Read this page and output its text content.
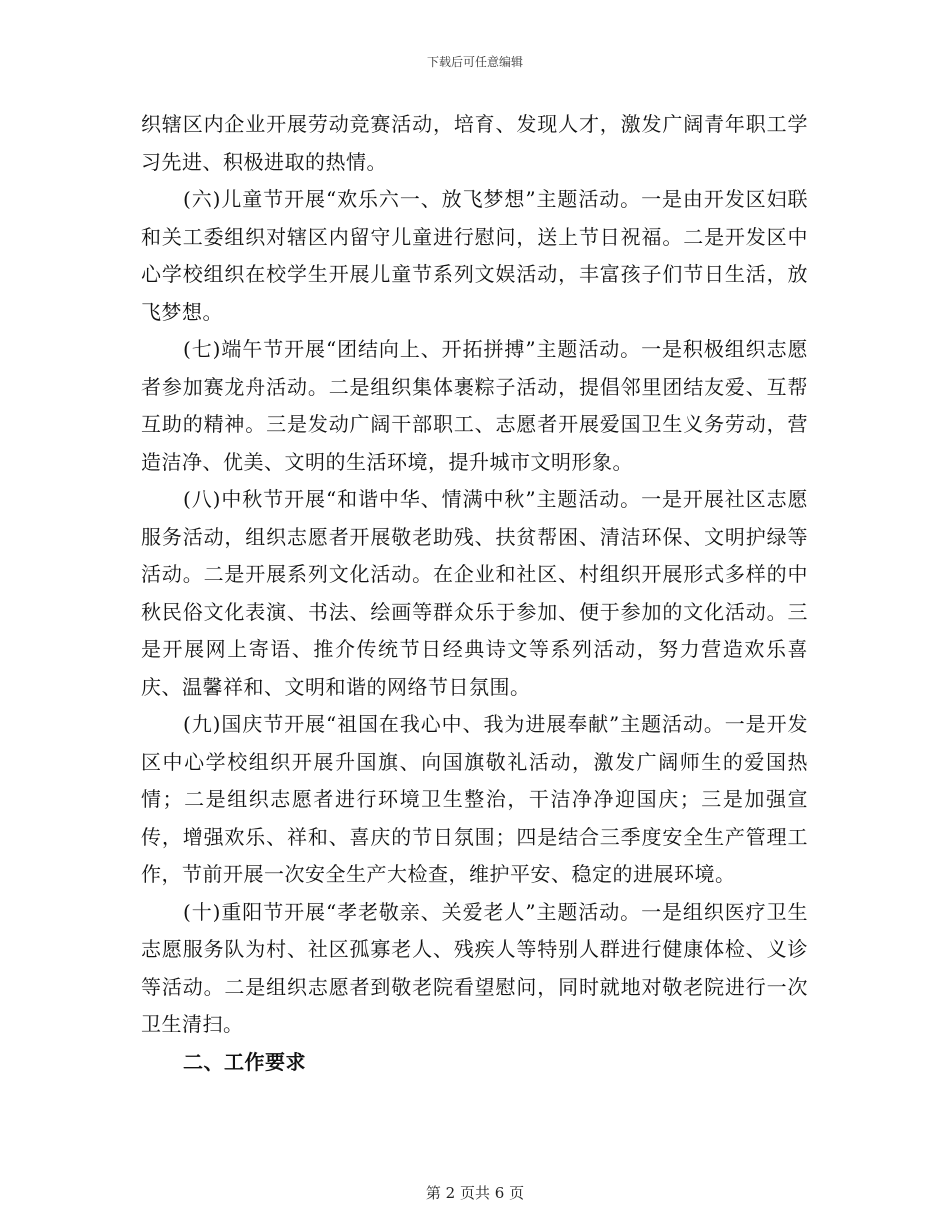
下载后可任意编辑

织辖区内企业开展劳动竞赛活动，培育、发现人才，激发广阔青年职工学习先进、积极进取的热情。

(六)儿童节开展“欢乐六一、放飞梦想”主题活动。一是由开发区妇联和关工委组织对辖区内留守儿童进行慰问，送上节日祝福。二是开发区中心学校组织在校学生开展儿童节系列文娱活动，丰富孩子们节日生活，放飞梦想。

(七)端午节开展“团结向上、开拓拼搏”主题活动。一是积极组织志愿者参加赛龙舟活动。二是组织集体裹粽子活动，提倡邻里团结友爱、互帮互助的精神。三是发动广阔干部职工、志愿者开展爱国卫生义务劳动，营造洁净、优美、文明的生活环境，提升城市文明形象。

(八)中秋节开展“和谐中华、情满中秋”主题活动。一是开展社区志愿服务活动，组织志愿者开展敬老助残、扶贫帮困、清洁环保、文明护绿等活动。二是开展系列文化活动。在企业和社区、村组织开展形式多样的中秋民俗文化表演、书法、绘画等群众乐于参加、便于参加的文化活动。三是开展网上寄语、推介传统节日经典诗文等系列活动，努力营造欢乐喜庆、温馨祥和、文明和谐的网络节日氛围。

(九)国庆节开展“祖国在我心中、我为进展奉献”主题活动。一是开发区中心学校组织开展升国旗、向国旗敬礼活动，激发广阔师生的爱国热情；二是组织志愿者进行环境卫生整治，干洁净净迎国庆；三是加强宣传，增强欢乐、祥和、喜庆的节日氛围；四是结合三季度安全生产管理工作，节前开展一次安全生产大检查，维护平安、稳定的进展环境。

(十)重阳节开展“孝老敬亲、关爱老人”主题活动。一是组织医疗卫生志愿服务队为村、社区孤寡老人、残疾人等特别人群进行健康体检、义诊等活动。二是组织志愿者到敬老院看望慰问，同时就地对敬老院进行一次卫生清扫。

二、工作要求

第 2 页共 6 页
